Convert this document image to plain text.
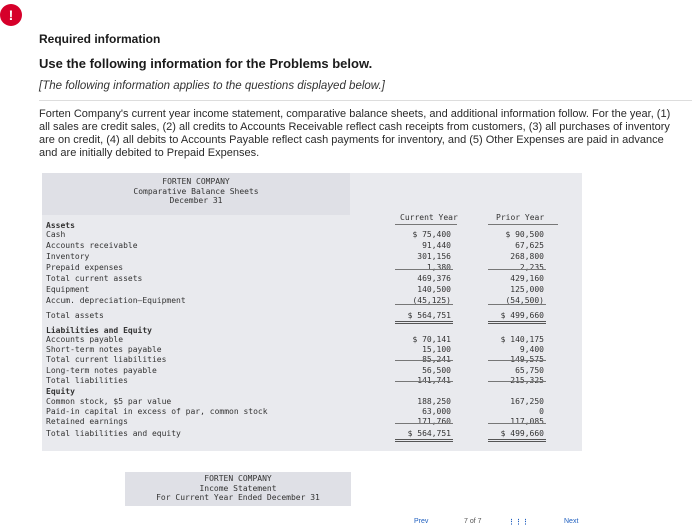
!
Required information
Use the following information for the Problems below.
[The following information applies to the questions displayed below.]
Forten Company's current year income statement, comparative balance sheets, and additional information follow. For the year, (1) all sales are credit sales, (2) all credits to Accounts Receivable reflect cash receipts from customers, (3) all purchases of inventory are on credit, (4) all debits to Accounts Payable reflect cash payments for inventory, and (5) Other Expenses are paid in advance and are initially debited to Prepaid Expenses.
FORTEN COMPANY
Comparative Balance Sheets
December 31
Current Year	Prior Year
Assets
Cash	$ 75,400	$ 90,500
Accounts receivable	91,440	67,625
Inventory	301,156	268,800
Prepaid expenses	1,380	2,235
Total current assets	469,376	429,160
Equipment	140,500	125,000
Accum. depreciation—Equipment	(45,125)	(54,500)
Total assets	$ 564,751	$ 499,660
Liabilities and Equity
Accounts payable	$ 70,141	$ 140,175
Short-term notes payable	15,100	9,400
Total current liabilities	85,241	149,575
Long-term notes payable	56,500	65,750
Total liabilities	141,741	215,325
Equity
Common stock, $5 par value	188,250	167,250
Paid-in capital in excess of par, common stock	63,000	0
Retained earnings	171,760	117,085
Total liabilities and equity	$ 564,751	$ 499,660
FORTEN COMPANY
Income Statement
For Current Year Ended December 31
Prev	7 of 7	⋮⋮⋮	Next
